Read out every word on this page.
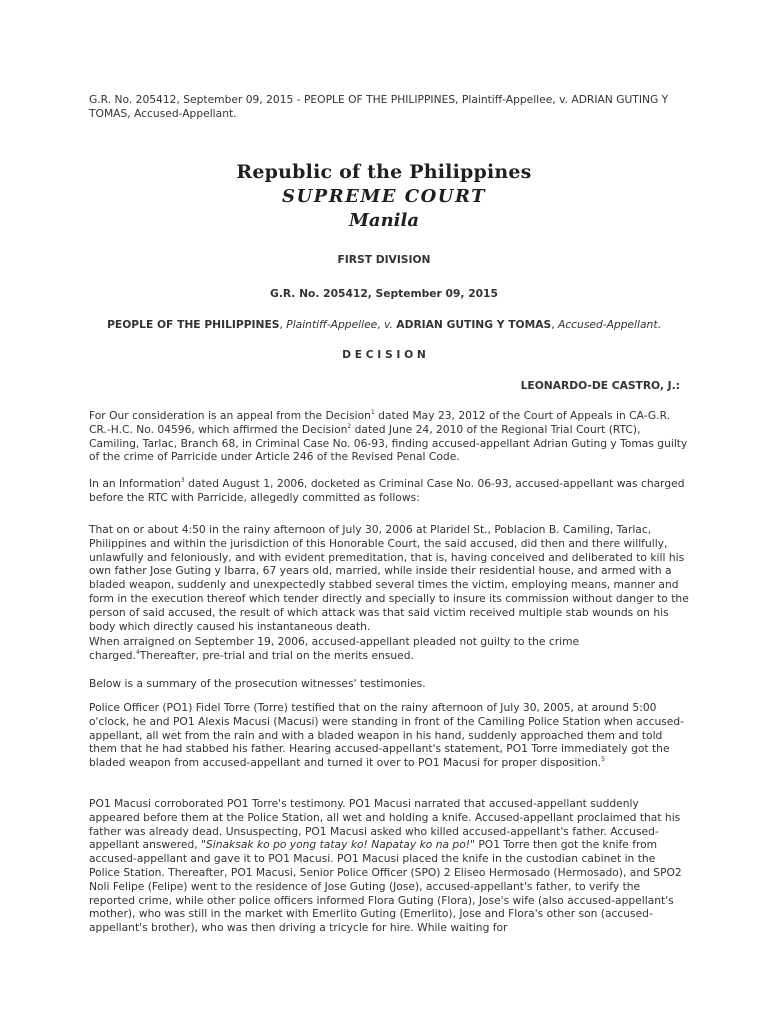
G.R. No. 205412, September 09, 2015 - PEOPLE OF THE PHILIPPINES, Plaintiff-Appellee, v. ADRIAN GUTING Y TOMAS, Accused-Appellant.

Republic of the Philippines
SUPREME COURT
Manila
FIRST DIVISION
G.R. No. 205412, September 09, 2015
PEOPLE OF THE PHILIPPINES, Plaintiff-Appellee, v. ADRIAN GUTING Y TOMAS, Accused-Appellant.
D E C I S I O N
LEONARDO-DE CASTRO, J.:

For Our consideration is an appeal from the Decision$^1$ dated May 23, 2012 of the Court of Appeals in CA-G.R. CR.-H.C. No. 04596, which affirmed the Decision$^2$ dated June 24, 2010 of the Regional Trial Court (RTC), Camiling, Tarlac, Branch 68, in Criminal Case No. 06-93, finding accused-appellant Adrian Guting y Tomas guilty of the crime of Parricide under Article 246 of the Revised Penal Code.

In an Information$^3$ dated August 1, 2006, docketed as Criminal Case No. 06-93, accused-appellant was charged before the RTC with Parricide, allegedly committed as follows:

That on or about 4:50 in the rainy afternoon of July 30, 2006 at Plaridel St., Poblacion B. Camiling, Tarlac, Philippines and within the jurisdiction of this Honorable Court, the said accused, did then and there willfully, unlawfully and feloniously, and with evident premeditation, that is, having conceived and deliberated to kill his own father Jose Guting y Ibarra, 67 years old, married, while inside their residential house, and armed with a bladed weapon, suddenly and unexpectedly stabbed several times the victim, employing means, manner and form in the execution thereof which tender directly and specially to insure its commission without danger to the person of said accused, the result of which attack was that said victim received multiple stab wounds on his body which directly caused his instantaneous death.

When arraigned on September 19, 2006, accused-appellant pleaded not guilty to the crime charged.$^4$Thereafter, pre-trial and trial on the merits ensued.

Below is a summary of the prosecution witnesses' testimonies.

Police Officer (PO1) Fidel Torre (Torre) testified that on the rainy afternoon of July 30, 2005, at around 5:00 o'clock, he and PO1 Alexis Macusi (Macusi) were standing in front of the Camiling Police Station when accused-appellant, all wet from the rain and with a bladed weapon in his hand, suddenly approached them and told them that he had stabbed his father. Hearing accused-appellant's statement, PO1 Torre immediately got the bladed weapon from accused-appellant and turned it over to PO1 Macusi for proper disposition.$^5$

PO1 Macusi corroborated PO1 Torre's testimony. PO1 Macusi narrated that accused-appellant suddenly appeared before them at the Police Station, all wet and holding a knife. Accused-appellant proclaimed that his father was already dead. Unsuspecting, PO1 Macusi asked who killed accused-appellant's father. Accused-appellant answered, "Sinaksak ko po yong tatay ko! Napatay ko na po!" PO1 Torre then got the knife from accused-appellant and gave it to PO1 Macusi. PO1 Macusi placed the knife in the custodian cabinet in the Police Station. Thereafter, PO1 Macusi, Senior Police Officer (SPO) 2 Eliseo Hermosado (Hermosado), and SPO2 Noli Felipe (Felipe) went to the residence of Jose Guting (Jose), accused-appellant's father, to verify the reported crime, while other police officers informed Flora Guting (Flora), Jose's wife (also accused-appellant's mother), who was still in the market with Emerlito Guting (Emerlito), Jose and Flora's other son (accused-appellant's brother), who was then driving a tricycle for hire. While waiting for
